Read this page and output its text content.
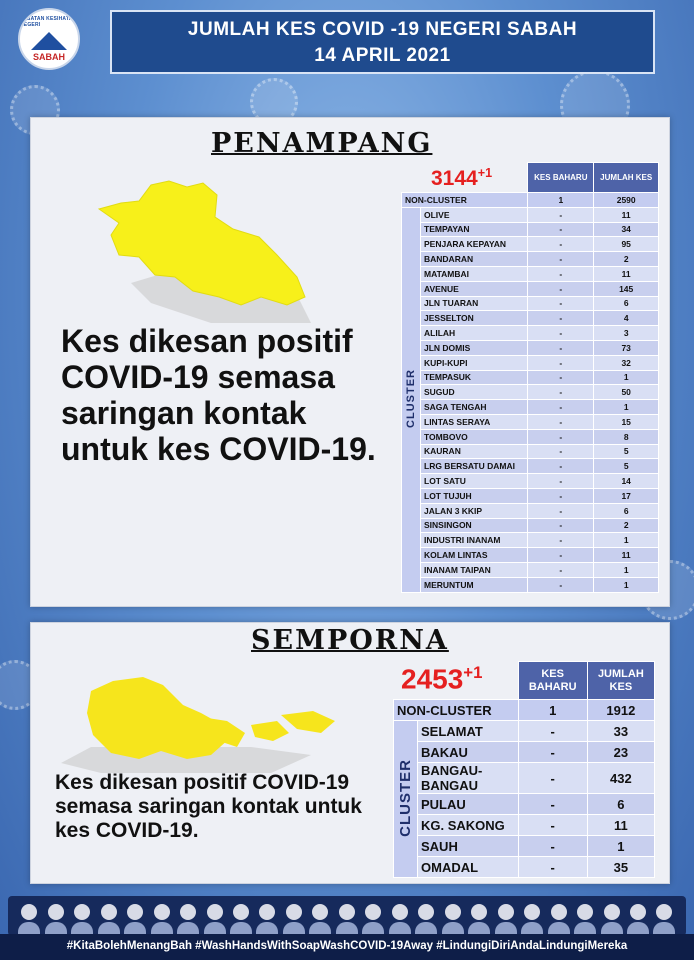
JABATAN KESIHATAN NEGERI
SABAH
JUMLAH KES COVID -19 NEGERI SABAH
14 APRIL 2021
PENAMPANG
Kes dikesan positif COVID-19 semasa saringan kontak untuk kes COVID-19.
$3144^{+1}$
			KES BAHARU	JUMLAH KES
NON-CLUSTER		1	2590
CLUSTER	OLIVE	-	11
	TEMPAYAN	-	34
	PENJARA KEPAYAN	-	95
	BANDARAN	-	2
	MATAMBAI	-	11
	AVENUE	-	145
	JLN TUARAN	-	6
	JESSELTON	-	4
	ALILAH	-	3
	JLN DOMIS	-	73
	KUPI-KUPI	-	32
	TEMPASUK	-	1
	SUGUD	-	50
	SAGA TENGAH	-	1
	LINTAS SERAYA	-	15
	TOMBOVO	-	8
	KAURAN	-	5
	LRG BERSATU DAMAI	-	5
	LOT SATU	-	14
	LOT TUJUH	-	17
	JALAN 3 KKIP	-	6
	SINSINGON	-	2
	INDUSTRI INANAM	-	1
	KOLAM LINTAS	-	11
	INANAM TAIPAN	-	1
	MERUNTUM	-	1
SEMPORNA
Kes dikesan positif COVID-19 semasa saringan kontak untuk kes COVID-19.
$2453^{+1}$
			KES BAHARU	JUMLAH KES
NON-CLUSTER		1	1912
CLUSTER	SELAMAT	-	33
	BAKAU	-	23
	BANGAU-BANGAU	-	432
	PULAU	-	6
	KG. SAKONG	-	11
	SAUH	-	1
	OMADAL	-	35
#KitaBolehMenangBah #WashHandsWithSoapWashCOVID-19Away #LindungiDiriAndaLindungiMereka
